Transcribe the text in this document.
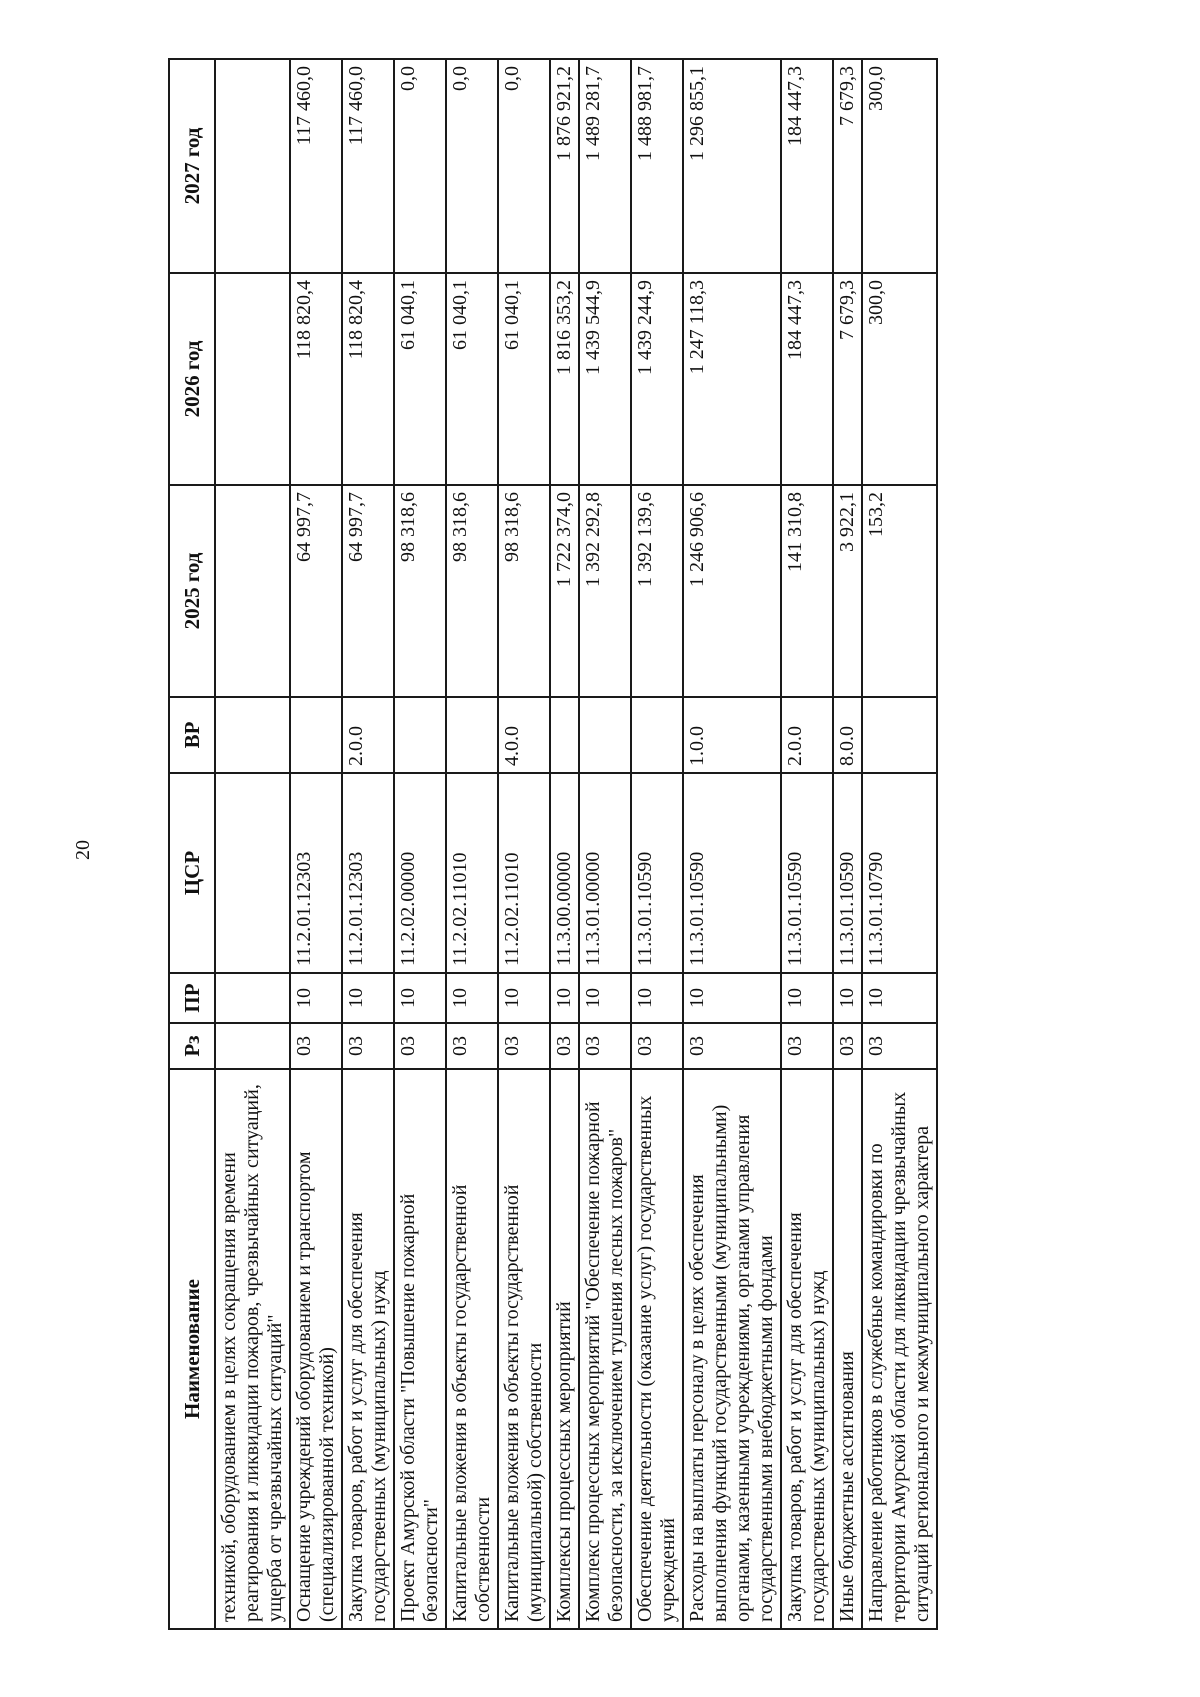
20
Наименование	Рз	ПР	ЦСР	ВР	2025 год	2026 год	2027 год
техникой, оборудованием в целях сокращения времени реагирования и ликвидации пожаров, чрезвычайных ситуаций, ущерба от чрезвычайных ситуаций"							
Оснащение учреждений оборудованием и транспортом (специализированной техникой)	03	10	11.2.01.12303		64 997,7	118 820,4	117 460,0
Закупка товаров, работ и услуг для обеспечения государственных (муниципальных) нужд	03	10	11.2.01.12303	2.0.0	64 997,7	118 820,4	117 460,0
Проект Амурской области "Повышение пожарной безопасности"	03	10	11.2.02.00000		98 318,6	61 040,1	0,0
Капитальные вложения в объекты государственной собственности	03	10	11.2.02.11010		98 318,6	61 040,1	0,0
Капитальные вложения в объекты государственной (муниципальной) собственности	03	10	11.2.02.11010	4.0.0	98 318,6	61 040,1	0,0
Комплексы процессных мероприятий	03	10	11.3.00.00000		1 722 374,0	1 816 353,2	1 876 921,2
Комплекс процессных мероприятий "Обеспечение пожарной безопасности, за исключением тушения лесных пожаров"	03	10	11.3.01.00000		1 392 292,8	1 439 544,9	1 489 281,7
Обеспечение деятельности (оказание услуг) государственных учреждений	03	10	11.3.01.10590		1 392 139,6	1 439 244,9	1 488 981,7
Расходы на выплаты персоналу в целях обеспечения выполнения функций государственными (муниципальными) органами, казенными учреждениями, органами управления государственными внебюджетными фондами	03	10	11.3.01.10590	1.0.0	1 246 906,6	1 247 118,3	1 296 855,1
Закупка товаров, работ и услуг для обеспечения государственных (муниципальных) нужд	03	10	11.3.01.10590	2.0.0	141 310,8	184 447,3	184 447,3
Иные бюджетные ассигнования	03	10	11.3.01.10590	8.0.0	3 922,1	7 679,3	7 679,3
Направление работников в служебные командировки по территории Амурской области для ликвидации чрезвычайных ситуаций регионального и межмуниципального характера	03	10	11.3.01.10790		153,2	300,0	300,0
